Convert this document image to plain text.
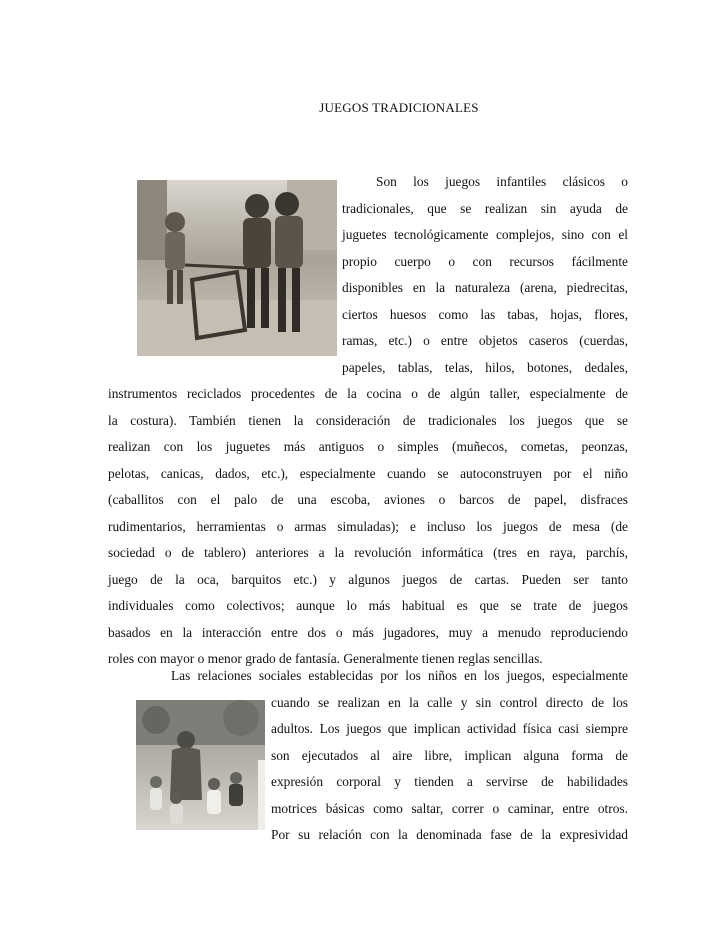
JUEGOS TRADICIONALES
Son los juegos infantiles clásicos o
tradicionales, que se realizan sin ayuda de
juguetes tecnológicamente complejos, sino con el
propio cuerpo o con recursos fácilmente
disponibles en la naturaleza (arena, piedrecitas,
ciertos huesos como las tabas, hojas, flores,
ramas, etc.) o entre objetos caseros (cuerdas,
papeles, tablas, telas, hilos, botones, dedales,
instrumentos reciclados procedentes de la cocina o de algún taller, especialmente de
la costura). También tienen la consideración de tradicionales los juegos que se
realizan con los juguetes más antiguos o simples (muñecos, cometas, peonzas,
pelotas, canicas, dados, etc.), especialmente cuando se autoconstruyen por el niño
(caballitos con el palo de una escoba, aviones o barcos de papel, disfraces
rudimentarios, herramientas o armas simuladas); e incluso los juegos de mesa (de
sociedad o de tablero) anteriores a la revolución informática (tres en raya, parchís,
juego de la oca, barquitos etc.) y algunos juegos de cartas. Pueden ser tanto
individuales como colectivos; aunque lo más habitual es que se trate de juegos
basados en la interacción entre dos o más jugadores, muy a menudo reproduciendo
roles con mayor o menor grado de fantasía. Generalmente tienen reglas sencillas.
Las relaciones sociales establecidas por los niños en los juegos, especialmente
cuando se realizan en la calle y sin control directo de los
adultos. Los juegos que implican actividad física casi siempre
son ejecutados al aire libre, implican alguna forma de
expresión corporal y tienden a servirse de habilidades
motrices básicas como saltar, correr o caminar, entre otros.
Por su relación con la denominada fase de la expresividad
